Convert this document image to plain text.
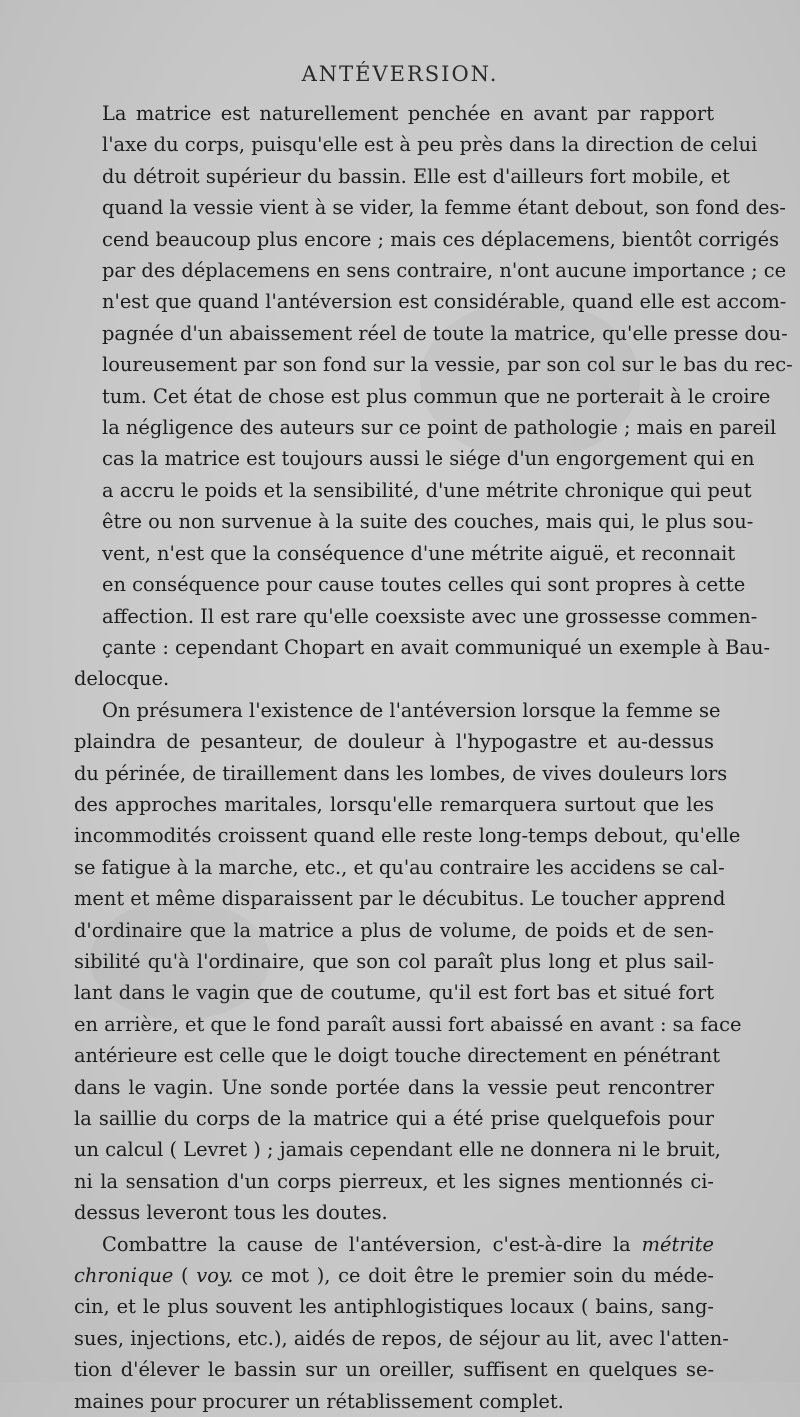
ANTÉVERSION.

La matrice est naturellement penchée en avant par rapport
l'axe du corps, puisqu'elle est à peu près dans la direction de celui
du détroit supérieur du bassin. Elle est d'ailleurs fort mobile, et
quand la vessie vient à se vider, la femme étant debout, son fond des-
cend beaucoup plus encore ; mais ces déplacemens, bientôt corrigés
par des déplacemens en sens contraire, n'ont aucune importance ; ce
n'est que quand l'antéversion est considérable, quand elle est accom-
pagnée d'un abaissement réel de toute la matrice, qu'elle presse dou-
loureusement par son fond sur la vessie, par son col sur le bas du rec-
tum. Cet état de chose est plus commun que ne porterait à le croire
la négligence des auteurs sur ce point de pathologie ; mais en pareil
cas la matrice est toujours aussi le siége d'un engorgement qui en
a accru le poids et la sensibilité, d'une métrite chronique qui peut
être ou non survenue à la suite des couches, mais qui, le plus sou-
vent, n'est que la conséquence d'une métrite aiguë, et reconnait
en conséquence pour cause toutes celles qui sont propres à cette
affection. Il est rare qu'elle coexsiste avec une grossesse commen-
çante : cependant Chopart en avait communiqué un exemple à Bau-
delocque.

On présumera l'existence de l'antéversion lorsque la femme se
plaindra de pesanteur, de douleur à l'hypogastre et au-dessus
du périnée, de tiraillement dans les lombes, de vives douleurs lors
des approches maritales, lorsqu'elle remarquera surtout que les
incommodités croissent quand elle reste long-temps debout, qu'elle
se fatigue à la marche, etc., et qu'au contraire les accidens se cal-
ment et même disparaissent par le décubitus. Le toucher apprend
d'ordinaire que la matrice a plus de volume, de poids et de sen-
sibilité qu'à l'ordinaire, que son col paraît plus long et plus sail-
lant dans le vagin que de coutume, qu'il est fort bas et situé fort
en arrière, et que le fond paraît aussi fort abaissé en avant : sa face
antérieure est celle que le doigt touche directement en pénétrant
dans le vagin. Une sonde portée dans la vessie peut rencontrer
la saillie du corps de la matrice qui a été prise quelquefois pour
un calcul ( Levret ) ; jamais cependant elle ne donnera ni le bruit,
ni la sensation d'un corps pierreux, et les signes mentionnés ci-
dessus leveront tous les doutes.

Combattre la cause de l'antéversion, c'est-à-dire la métrite
chronique ( voy. ce mot ), ce doit être le premier soin du méde-
cin, et le plus souvent les antiphlogistiques locaux ( bains, sang-
sues, injections, etc.), aidés de repos, de séjour au lit, avec l'atten-
tion d'élever le bassin sur un oreiller, suffisent en quelques se-
maines pour procurer un rétablissement complet.
